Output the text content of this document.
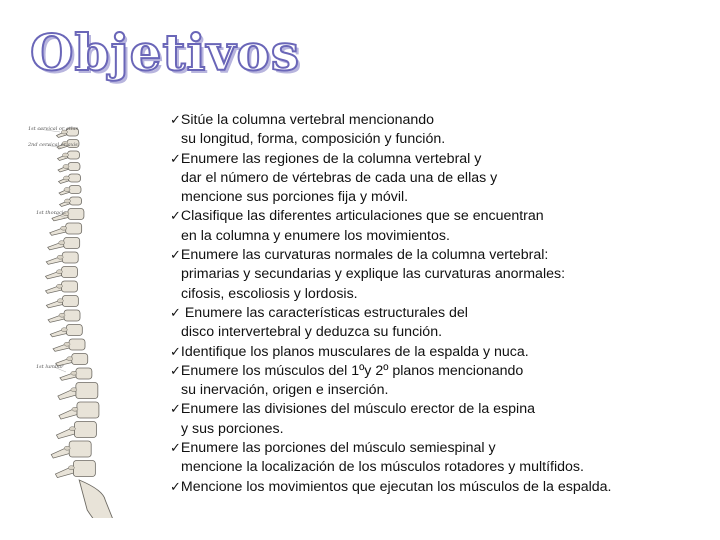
Objetivos
1st cervical or atlas
2nd cervical or axis
1st thoracic
1st lumbar
✓Sitúe la columna vertebral mencionando
su longitud, forma, composición y función.
✓Enumere las regiones de la columna vertebral y
dar el número de vértebras de cada una de ellas y
mencione sus porciones fija y móvil.
✓Clasifique las diferentes articulaciones que se encuentran
en la columna y enumere los movimientos.
✓Enumere las curvaturas normales de la columna vertebral:
primarias y secundarias y explique las curvaturas anormales:
cifosis, escoliosis y lordosis.
✓ Enumere las características estructurales del
disco intervertebral y deduzca su función.
✓Identifique los planos musculares de la espalda y nuca.
✓Enumere los músculos del 1ºy 2º planos mencionando
su inervación, origen e inserción.
✓Enumere las divisiones del músculo erector de la espina
y sus porciones.
✓Enumere las porciones del músculo semiespinal y
mencione la localización de los músculos rotadores y multífidos.
✓Mencione los movimientos que ejecutan los músculos de la espalda.
